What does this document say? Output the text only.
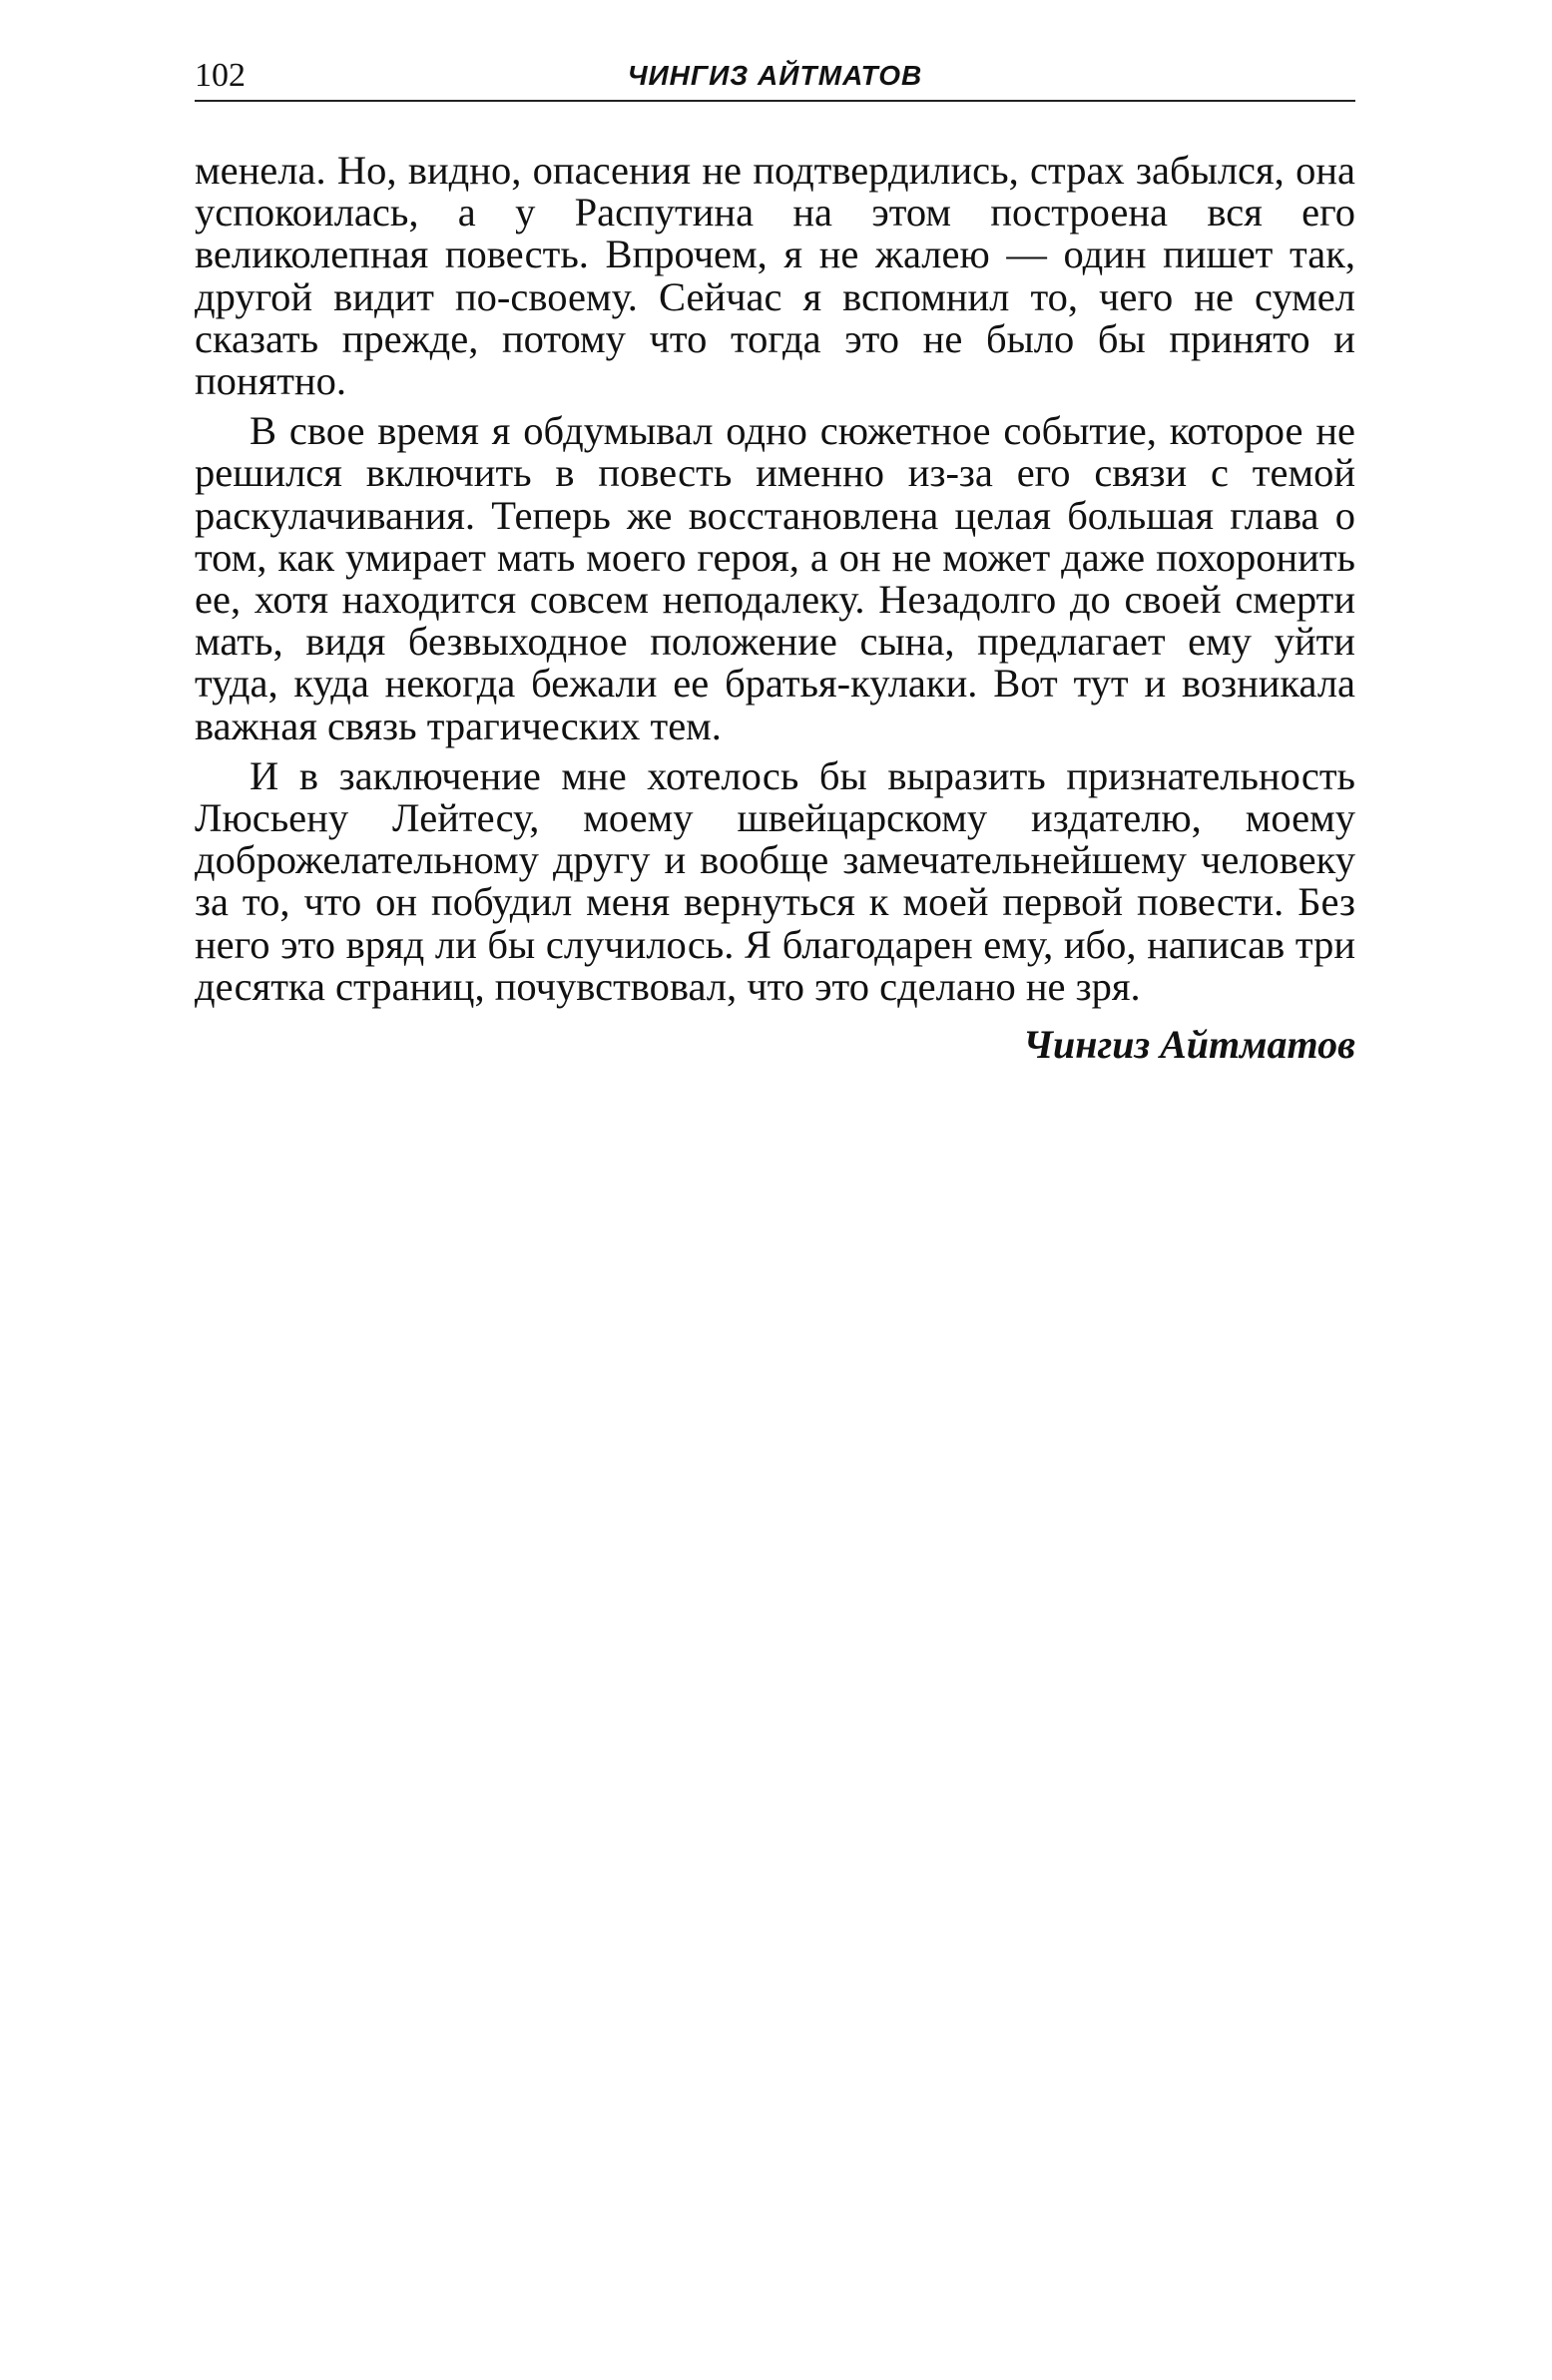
102	ЧИНГИЗ АЙТМАТОВ

менела. Но, видно, опасения не подтвердились, страх забылся, она успокоилась, а у Распутина на этом построена вся его великолепная повесть. Впрочем, я не жалею — один пишет так, другой видит по-своему. Сейчас я вспомнил то, чего не сумел сказать прежде, потому что тогда это не было бы принято и понятно.

В свое время я обдумывал одно сюжетное событие, которое не решился включить в повесть именно из-за его связи с темой раскулачивания. Теперь же восстановлена целая большая глава о том, как умирает мать моего героя, а он не может даже похоронить ее, хотя находится совсем неподалеку. Незадолго до своей смерти мать, видя безвыходное положение сына, предлагает ему уйти туда, куда некогда бежали ее братья-кулаки. Вот тут и возникала важная связь трагических тем.

И в заключение мне хотелось бы выразить признательность Люсьену Лейтесу, моему швейцарскому издателю, моему доброжелательному другу и вообще замечательнейшему человеку за то, что он побудил меня вернуться к моей первой повести. Без него это вряд ли бы случилось. Я благодарен ему, ибо, написав три десятка страниц, почувствовал, что это сделано не зря.

Чингиз Айтматов
